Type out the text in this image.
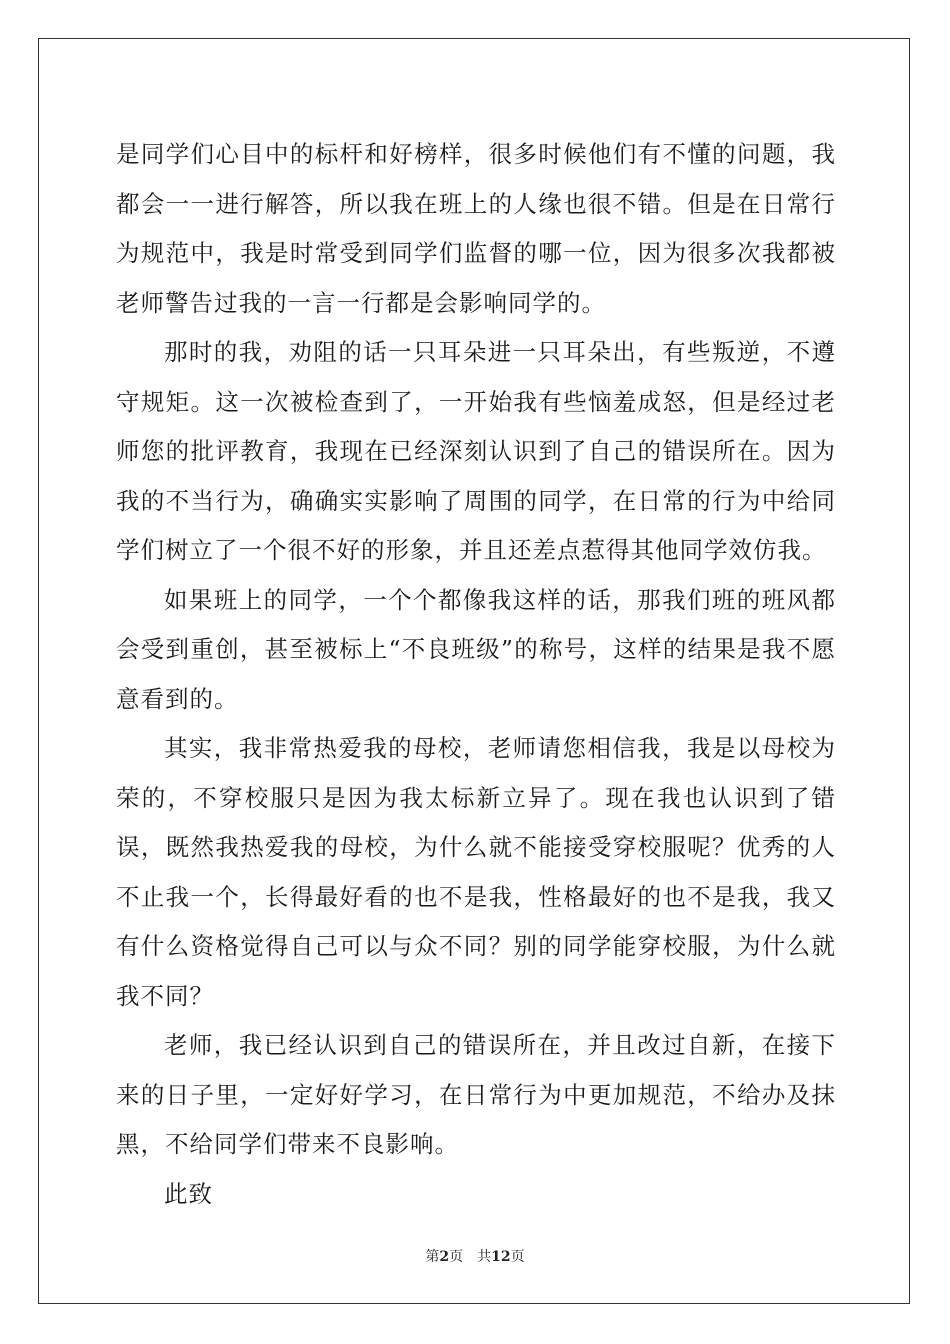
是同学们心目中的标杆和好榜样，很多时候他们有不懂的问题，我都会一一进行解答，所以我在班上的人缘也很不错。但是在日常行为规范中，我是时常受到同学们监督的哪一位，因为很多次我都被老师警告过我的一言一行都是会影响同学的。

那时的我，劝阻的话一只耳朵进一只耳朵出，有些叛逆，不遵守规矩。这一次被检查到了，一开始我有些恼羞成怒，但是经过老师您的批评教育，我现在已经深刻认识到了自己的错误所在。因为我的不当行为，确确实实影响了周围的同学，在日常的行为中给同学们树立了一个很不好的形象，并且还差点惹得其他同学效仿我。

如果班上的同学，一个个都像我这样的话，那我们班的班风都会受到重创，甚至被标上“不良班级”的称号，这样的结果是我不愿意看到的。

其实，我非常热爱我的母校，老师请您相信我，我是以母校为荣的，不穿校服只是因为我太标新立异了。现在我也认识到了错误，既然我热爱我的母校，为什么就不能接受穿校服呢？优秀的人不止我一个，长得最好看的也不是我，性格最好的也不是我，我又有什么资格觉得自己可以与众不同？别的同学能穿校服，为什么就我不同？

老师，我已经认识到自己的错误所在，并且改过自新，在接下来的日子里，一定好好学习，在日常行为中更加规范，不给办及抹黑，不给同学们带来不良影响。

此致

第2页 共12页
